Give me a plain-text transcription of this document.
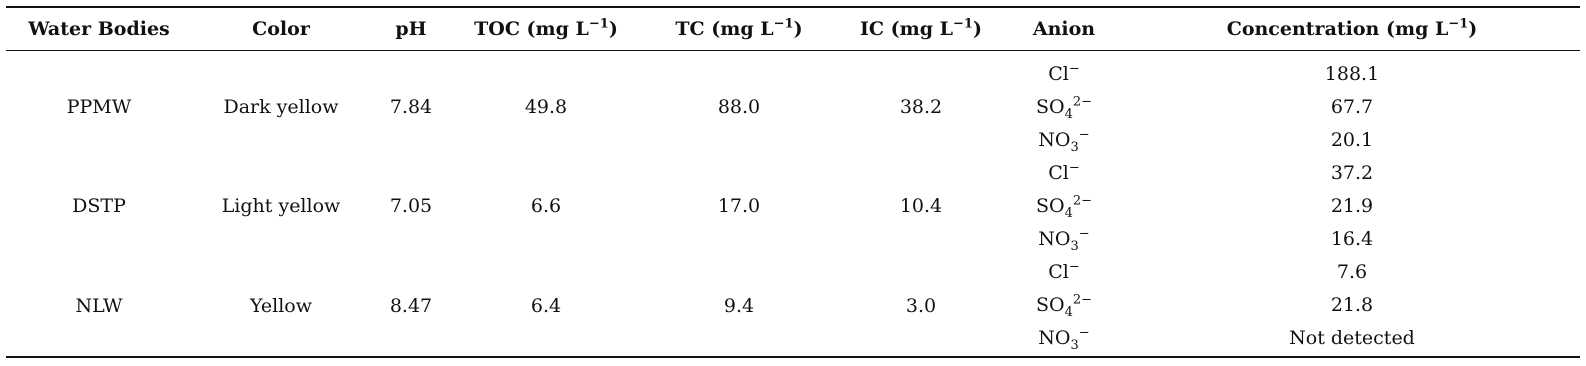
Water Bodies	Color	pH	TOC (mg $L^{-1}$)	TC (mg $L^{-1}$)	IC (mg $L^{-1}$)	Anion	Concentration (mg $L^{-1}$)
PPMW	Dark yellow	7.84	49.8	88.0	38.2	Cl−	188.1
						$SO_4^{2-}$	67.7
						$NO_3^-$	20.1
DSTP	Light yellow	7.05	6.6	17.0	10.4	Cl−	37.2
						$SO_4^{2-}$	21.9
						$NO_3^-$	16.4
NLW	Yellow	8.47	6.4	9.4	3.0	Cl−	7.6
						$SO_4^{2-}$	21.8
						$NO_3^-$	Not detected
